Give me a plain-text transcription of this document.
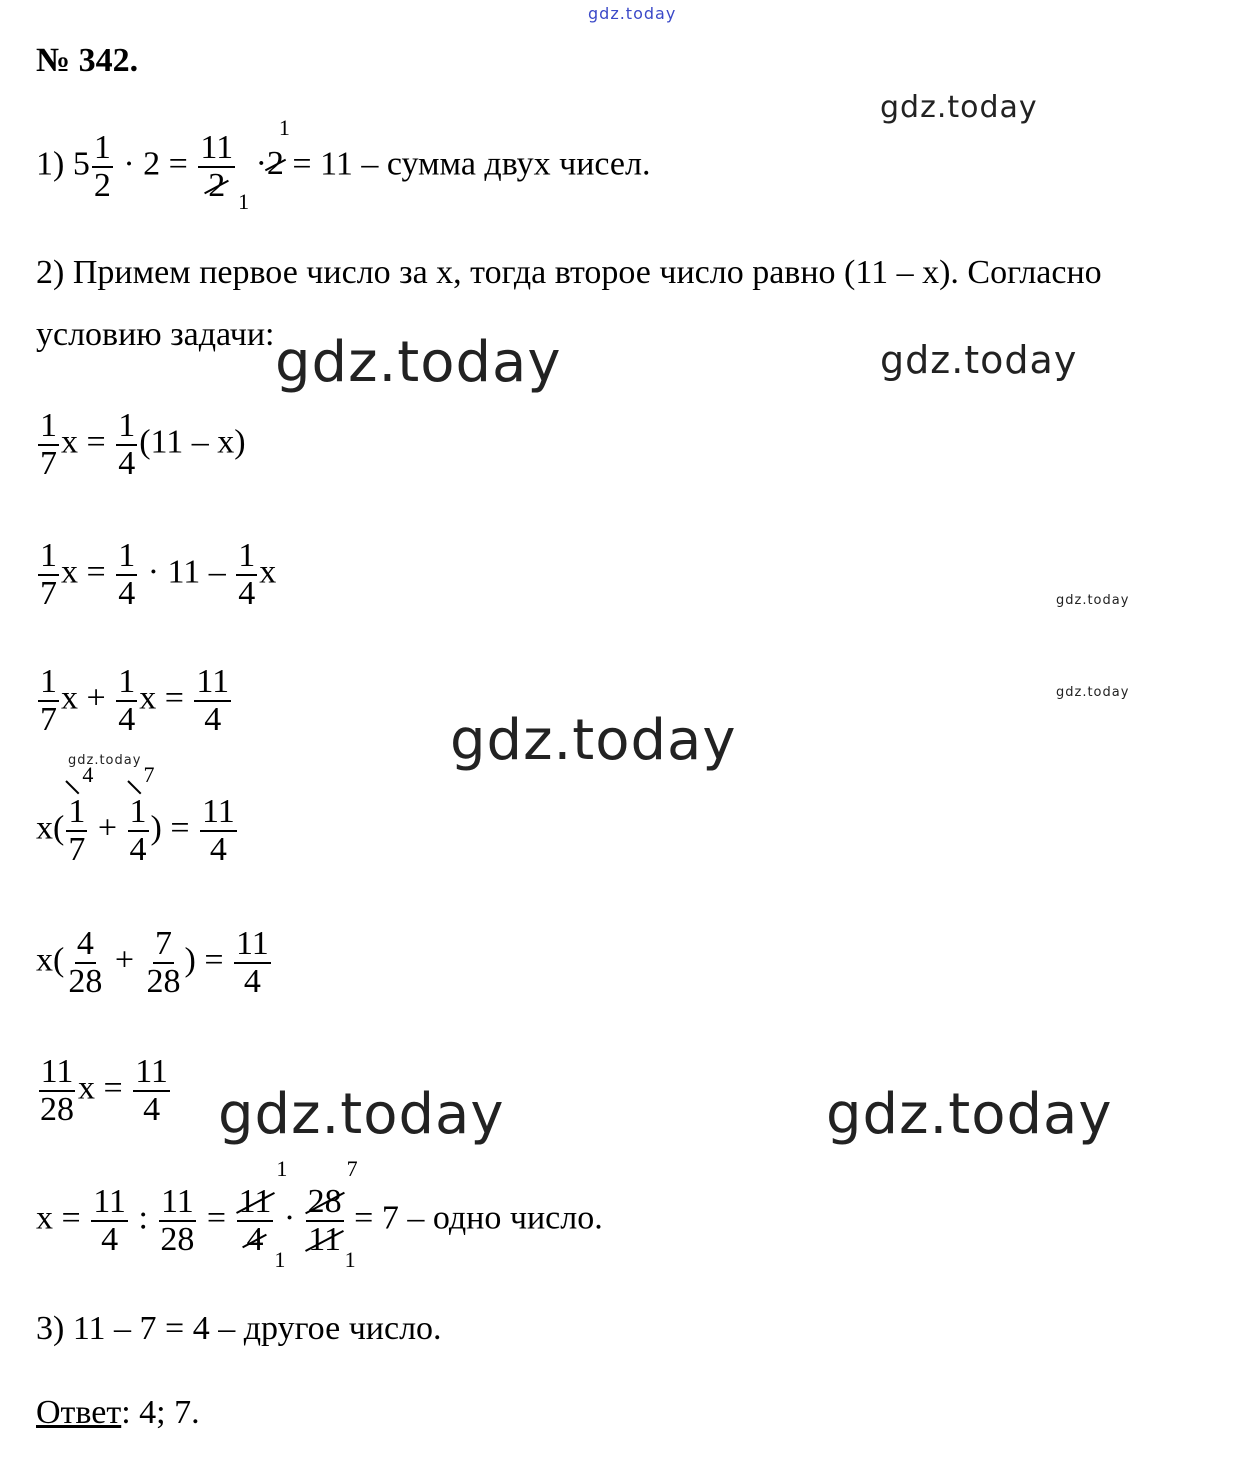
gdz.today
gdz.today
gdz.today	gdz.today
gdz.today
gdz.today
gdz.today
gdz.today
gdz.today	gdz.today
№ 342.
1) $5 \frac{1}{2} \cdot 2 = 11$
2 1
·2
1
= 11 – сумма двух чисел.
2) Примем первое число за x, тогда второе число равно (11 – x). Согласно
условию задачи:
$\frac{1}{7}$ $x = \frac{1}{4} (11 - x)$
$\frac{1}{7}$ $x = \frac{1}{4} \cdot 11 - \frac{1}{4}$ x
$\frac{1}{7}$ $x + \frac{1}{4}$ $x = \frac{11}{4}$
x( 1
7
4
+ 1
4
7
) = $\frac{11}{4}$
$x( \frac{4}{28} + \frac{7}{28}$ ) = $\frac{11}{4}$
$\frac{11}{28}$ $x = \frac{11}{4}$
$x = \frac{11}{4}$ : $\frac{11}{28} = 11$
4
1
1
· 28
11
7
1
= 7 – одно число.
3) 11 – 7 = 4 – другое число.
Ответ: 4; 7.
